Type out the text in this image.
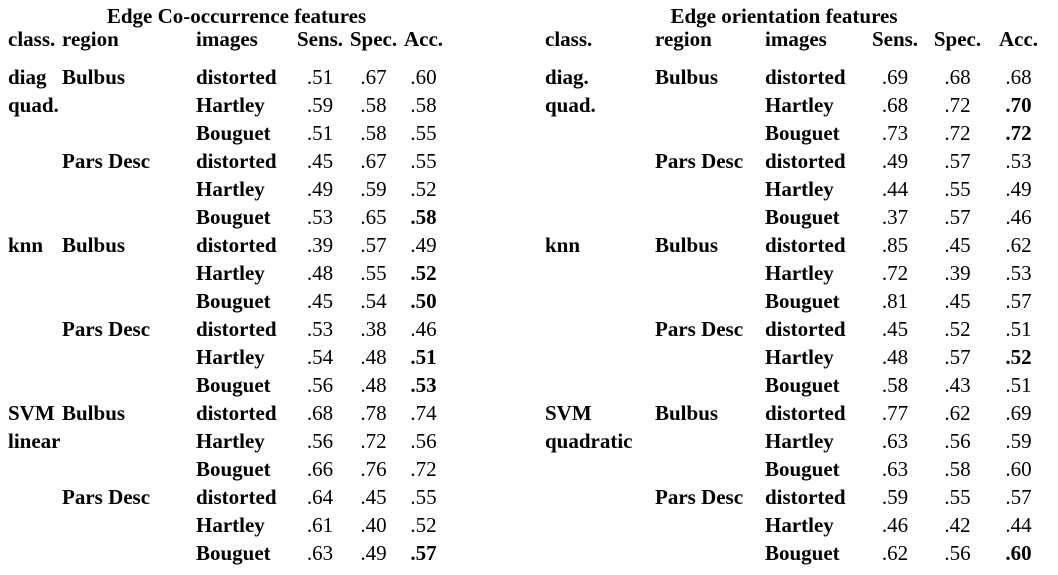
Edge Co-occurrence features
class.	region	images	Sens.	Spec.	Acc.
diag	Bulbus	distorted	.51	.67	.60
quad.		Hartley	.59	.58	.58
		Bouguet	.51	.58	.55
	Pars Desc	distorted	.45	.67	.55
		Hartley	.49	.59	.52
		Bouguet	.53	.65	.58
knn	Bulbus	distorted	.39	.57	.49
		Hartley	.48	.55	.52
		Bouguet	.45	.54	.50
	Pars Desc	distorted	.53	.38	.46
		Hartley	.54	.48	.51
		Bouguet	.56	.48	.53
SVM	Bulbus	distorted	.68	.78	.74
linear		Hartley	.56	.72	.56
		Bouguet	.66	.76	.72
	Pars Desc	distorted	.64	.45	.55
		Hartley	.61	.40	.52
		Bouguet	.63	.49	.57
Edge orientation features
class.	region	images	Sens.	Spec.	Acc.
diag.	Bulbus	distorted	.69	.68	.68
quad.		Hartley	.68	.72	.70
		Bouguet	.73	.72	.72
	Pars Desc	distorted	.49	.57	.53
		Hartley	.44	.55	.49
		Bouguet	.37	.57	.46
knn	Bulbus	distorted	.85	.45	.62
		Hartley	.72	.39	.53
		Bouguet	.81	.45	.57
	Pars Desc	distorted	.45	.52	.51
		Hartley	.48	.57	.52
		Bouguet	.58	.43	.51
SVM	Bulbus	distorted	.77	.62	.69
quadratic		Hartley	.63	.56	.59
		Bouguet	.63	.58	.60
	Pars Desc	distorted	.59	.55	.57
		Hartley	.46	.42	.44
		Bouguet	.62	.56	.60
